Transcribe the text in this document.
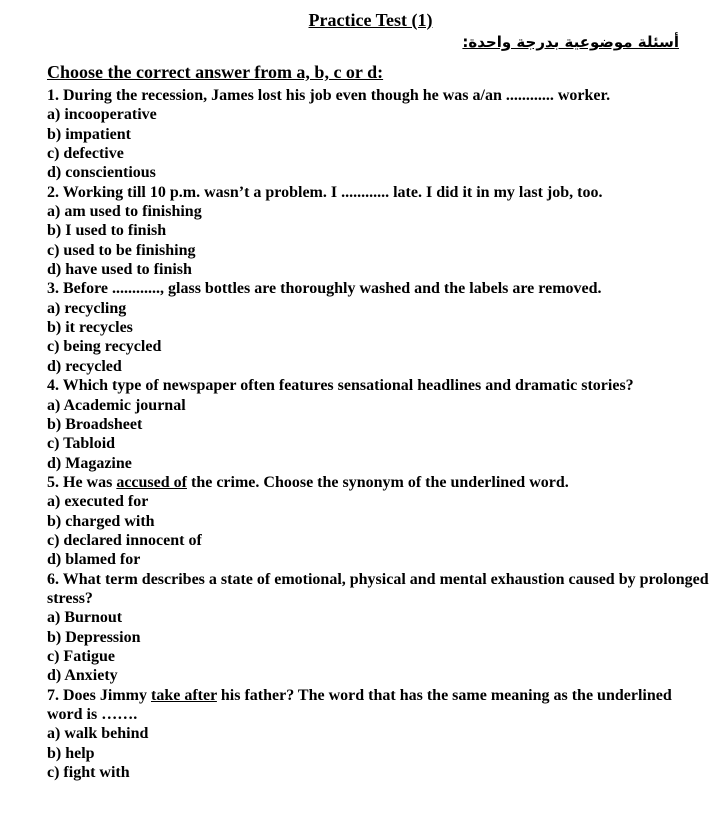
Practice Test (1)
أسئلة موضوعية بدرجة واحدة:
Choose the correct answer from a, b, c or d:
1. During the recession, James lost his job even though he was a/an ............ worker.
a) incooperative
b) impatient
c) defective
d) conscientious
2. Working till 10 p.m. wasn’t a problem. I ............ late. I did it in my last job, too.
a) am used to finishing
b) I used to finish
c) used to be finishing
d) have used to finish
3. Before ............, glass bottles are thoroughly washed and the labels are removed.
a) recycling
b) it recycles
c) being recycled
d) recycled
4. Which type of newspaper often features sensational headlines and dramatic stories?
a) Academic journal
b) Broadsheet
c) Tabloid
d) Magazine
5. He was accused of the crime. Choose the synonym of the underlined word.
a) executed for
b) charged with
c) declared innocent of
d) blamed for
6. What term describes a state of emotional, physical and mental exhaustion caused by prolonged stress?
a) Burnout
b) Depression
c) Fatigue
d) Anxiety
7. Does Jimmy take after his father? The word that has the same meaning as the underlined word is …….
a) walk behind
b) help
c) fight with
